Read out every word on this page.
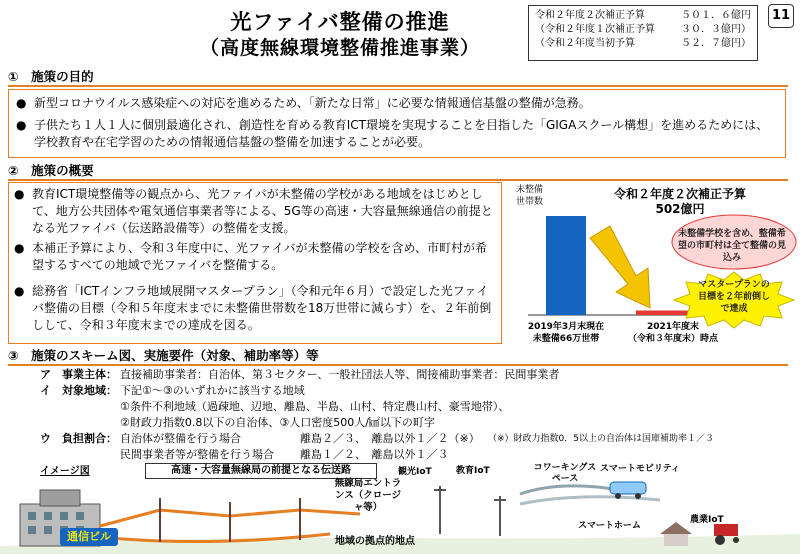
光ファイバ整備の推進
（高度無線環境整備推進事業）
令和２年度２次補正予算	５０１．６億円
（令和２年度１次補正予算	３０．３億円）
（令和２年度当初予算	５２．７億円）
11
①　施策の目的
● 新型コロナウイルス感染症への対応を進めるため、「新たな日常」に必要な情報通信基盤の整備が急務。
● 子供たち１人１人に個別最適化され、創造性を育める教育ICT環境を実現することを目指した「GIGAスクール構想」を進めるためには、学校教育や在宅学習のための情報通信基盤の整備を加速することが必要。
②　施策の概要
● 教育ICT環境整備等の観点から、光ファイバが未整備の学校がある地域をはじめとして、地方公共団体や電気通信事業者等による、5G等の高速・大容量無線通信の前提となる光ファイバ（伝送路設備等）の整備を支援。
● 本補正予算により、令和３年度中に、光ファイバが未整備の学校を含め、市町村が希望するすべての地域で光ファイバを整備する。
● 総務省「ICTインフラ地域展開マスタープラン」（令和元年６月）で設定した光ファイバ整備の目標（令和５年度末までに未整備世帯数を18万世帯に減らす）を、２年前倒しして、令和３年度末までの達成を図る。
令和２年度２次補正予算
502億円
未整備
世帯数
2019年3月末現在
未整備66万世帯
2021年度末
（令和３年度末）時点
未整備学校を含め、整備希望の市町村は全て整備の見込み
マスタープランの目標を２年前倒しで達成
③　施策のスキーム図、実施要件（対象、補助率等）等
ア　事業主体： 直接補助事業者：自治体、第３セクター、一般社団法人等、間接補助事業者：民間事業者
イ　対象地域： 下記①～③のいずれかに該当する地域
①条件不利地域（過疎地、辺地、離島、半島、山村、特定農山村、豪雪地帯）、
②財政力指数0.8以下の自治体、③人口密度500人/㎢以下の町字
ウ　負担割合： 自治体が整備を行う場合	離島２／３、　離島以外１／２（※） （※）財政力指数0．5以上の自治体は国庫補助率１／３
民間事業者等が整備を行う場合	離島１／２、　離島以外１／３
イメージ図	高速・大容量無線局の前提となる伝送路
通信ビル
無線局エントランス（クロージャ等）
地域の拠点的地点
観光IoT	教育IoT	コワーキングスペース
スマートモビリティ
スマートホーム
農業IoT
